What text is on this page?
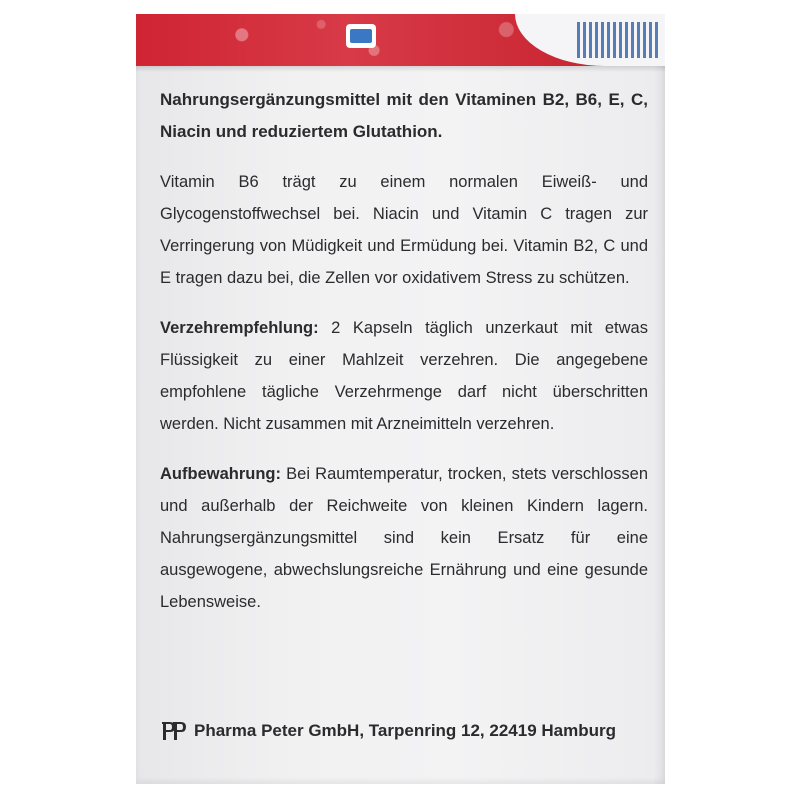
Nahrungsergänzungsmittel mit den Vitaminen B2, B6, E, C, Niacin und reduziertem Glutathion.

Vitamin B6 trägt zu einem normalen Eiweiß- und Glycogenstoffwechsel bei. Niacin und Vitamin C tragen zur Verringerung von Müdigkeit und Ermüdung bei. Vitamin B2, C und E tragen dazu bei, die Zellen vor oxidativem Stress zu schützen.

Verzehrempfehlung: 2 Kapseln täglich unzerkaut mit etwas Flüssigkeit zu einer Mahlzeit verzehren. Die angegebene empfohlene tägliche Verzehrmenge darf nicht überschritten werden. Nicht zusammen mit Arzneimitteln verzehren.

Aufbewahrung: Bei Raumtemperatur, trocken, stets verschlossen und außerhalb der Reichweite von kleinen Kindern lagern. Nahrungsergänzungsmittel sind kein Ersatz für eine ausgewogene, abwechslungsreiche Ernährung und eine gesunde Lebensweise.

Pharma Peter GmbH, Tarpenring 12, 22419 Hamburg
